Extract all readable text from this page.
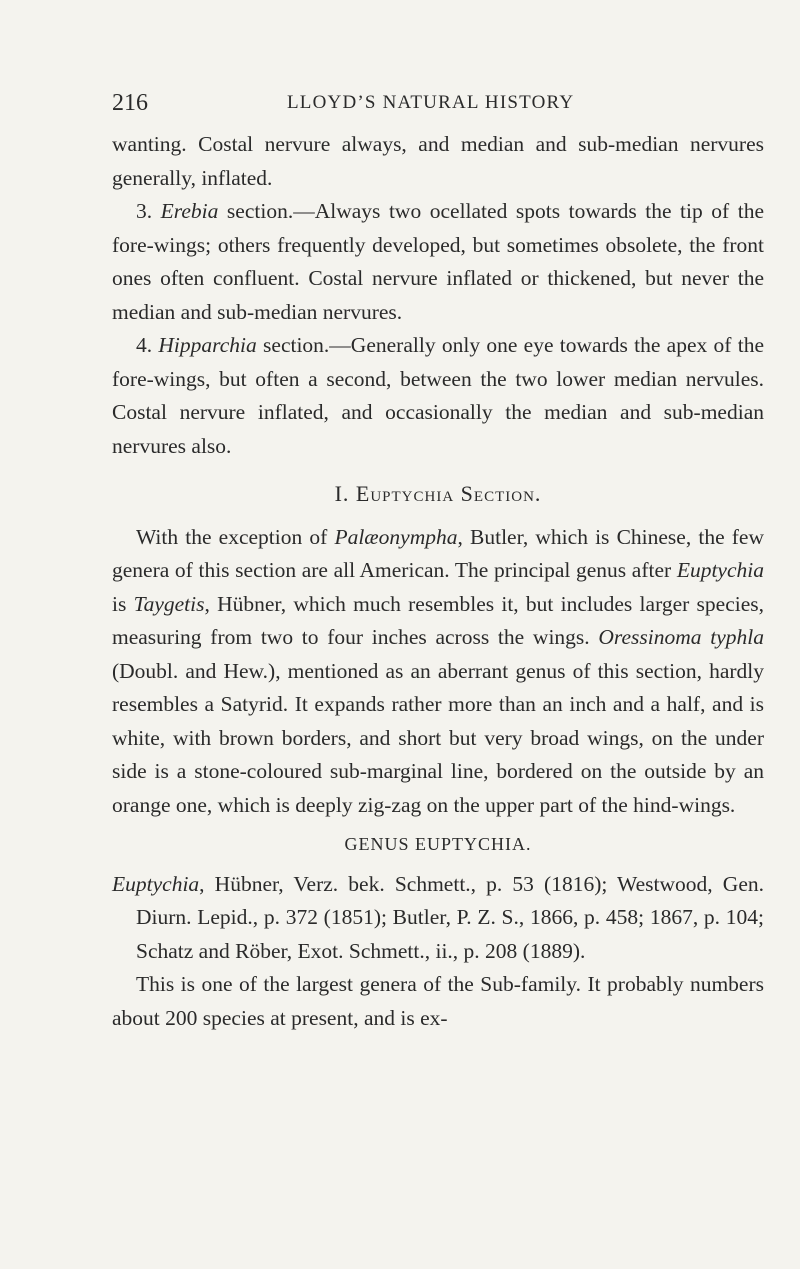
216	LLOYD’S NATURAL HISTORY

wanting. Costal nervure always, and median and sub-median nervures generally, inflated.

3. Erebia section.—Always two ocellated spots towards the tip of the fore-wings; others frequently developed, but sometimes obsolete, the front ones often confluent. Costal nervure inflated or thickened, but never the median and sub-median nervures.

4. Hipparchia section.—Generally only one eye towards the apex of the fore-wings, but often a second, between the two lower median nervules. Costal nervure inflated, and occasionally the median and sub-median nervures also.

I. Euptychia Section.

With the exception of Palæonympha, Butler, which is Chinese, the few genera of this section are all American. The principal genus after Euptychia is Taygetis, Hübner, which much resembles it, but includes larger species, measuring from two to four inches across the wings. Oressinoma typhla (Doubl. and Hew.), mentioned as an aberrant genus of this section, hardly resembles a Satyrid. It expands rather more than an inch and a half, and is white, with brown borders, and short but very broad wings, on the under side is a stone-coloured sub-marginal line, bordered on the outside by an orange one, which is deeply zig-zag on the upper part of the hind-wings.

GENUS EUPTYCHIA.

Euptychia, Hübner, Verz. bek. Schmett., p. 53 (1816); Westwood, Gen. Diurn. Lepid., p. 372 (1851); Butler, P. Z. S., 1866, p. 458; 1867, p. 104; Schatz and Röber, Exot. Schmett., ii., p. 208 (1889).

This is one of the largest genera of the Sub-family. It probably numbers about 200 species at present, and is ex-
